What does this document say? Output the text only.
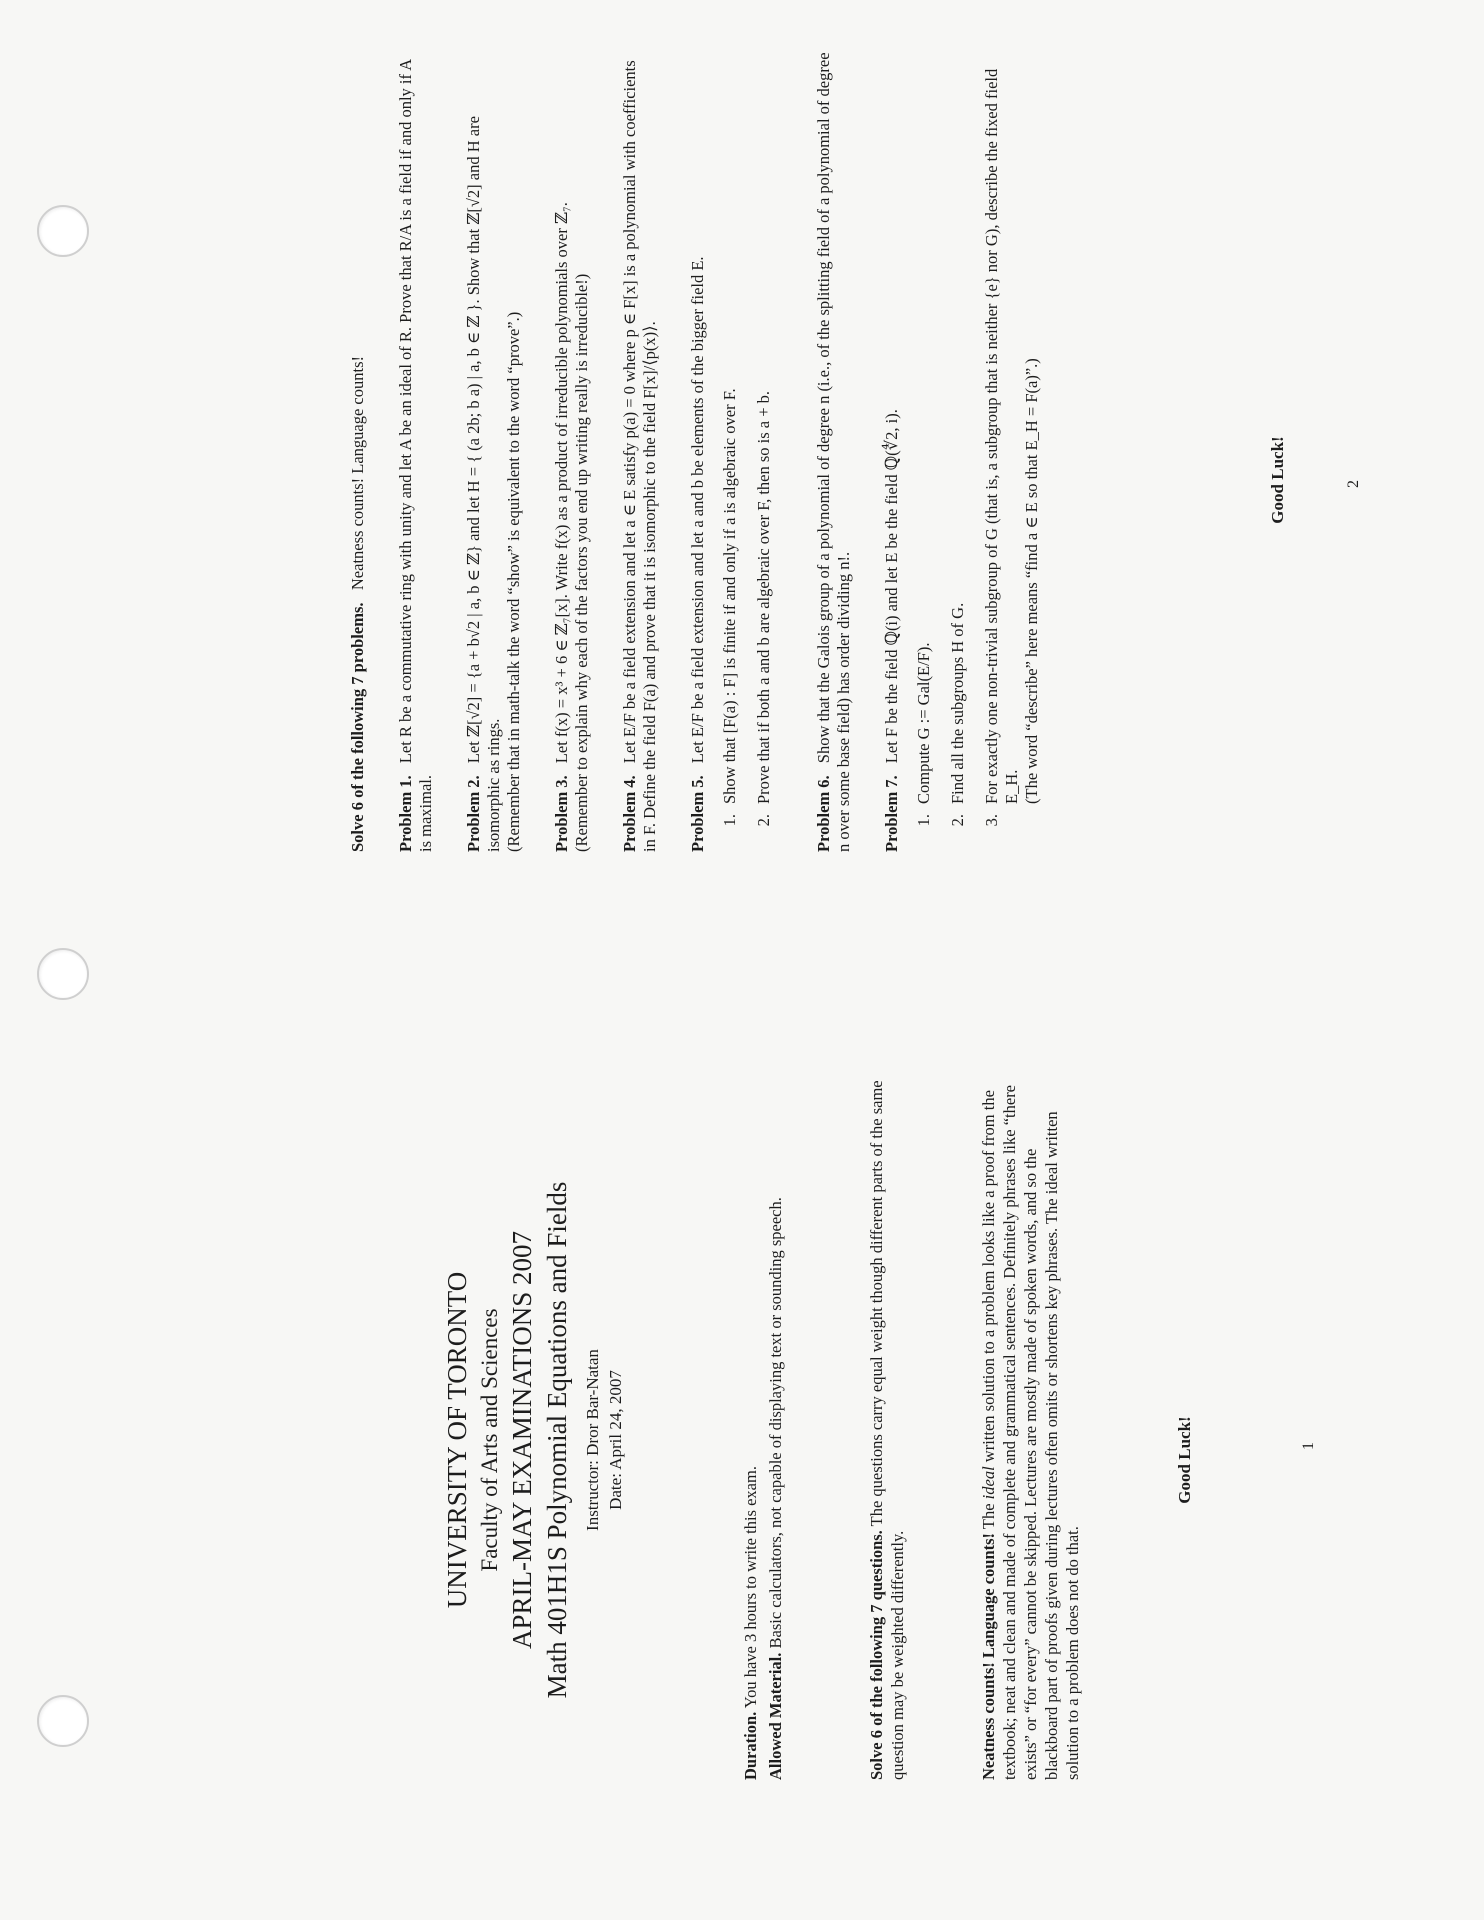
UNIVERSITY OF TORONTO Faculty of Arts and Sciences APRIL-MAY EXAMINATIONS 2007 Math 401H1S Polynomial Equations and Fields Instructor: Dror Bar-Natan Date: April 24, 2007

Duration. You have 3 hours to write this exam.

Allowed Material. Basic calculators, not capable of displaying text or sounding speech.

Solve 6 of the following 7 questions. The questions carry equal weight though different parts of the same question may be weighted differently.	Neatness counts! Language counts! The ideal written solution to a problem looks like a proof from the textbook; neat and clean and made of complete and grammatical sentences. Definitely phrases like “there exists” or “for every” cannot be skipped. Lectures are mostly made of spoken words, and so the blackboard part of proofs given during lectures often omits or shortens key phrases. The ideal written solution to a problem does not do that.

Good Luck!	1

Solve 6 of the following 7 problems.   Neatness counts! Language counts!

Problem 1. Let R be a commutative ring with unity and let A be an ideal of R. Prove that R/A is a field if and only if A is maximal. Problem 2. Let ℤ[√2] = {a + b√2 | a, b ∈ ℤ} and let H = { (a 2b; b a) | a, b ∈ ℤ }. Show that ℤ[√2] and H are isomorphic as rings.
(Remember that in math-talk the word “show” is equivalent to the word “prove”.) Problem 3. Let f(x) = x³ + 6 ∈ ℤ₇[x]. Write f(x) as a product of irreducible polynomials over ℤ₇.
(Remember to explain why each of the factors you end up writing really is irreducible!) Problem 4. Let E/F be a field extension and let a ∈ E satisfy p(a) = 0 where p ∈ F[x] is a polynomial with coefficients in F. Define the field F(a) and prove that it is isomorphic to the field F[x]/⟨p(x)⟩. Problem 5. Let E/F be a field extension and let a and b be elements of the bigger field E.

1.
Show that [F(a) : F] is finite if and only if a is algebraic over F.
2.
Prove that if both a and b are algebraic over F, then so is a + b.

Problem 6. Show that the Galois group of a polynomial of degree n (i.e., of the splitting field of a polynomial of degree n over some base field) has order dividing n!. Problem 7. Let F be the field ℚ(i) and let E be the field ℚ(∜2, i).

1.
Compute G := Gal(E/F).
2.
Find all the subgroups H of G.
3.
For exactly one non-trivial subgroup of G (that is, a subgroup that is neither {e} nor G), describe the fixed field E_H.
(The word “describe” here means “find a ∈ E so that E_H = F(a)”.)	Good Luck!	2
